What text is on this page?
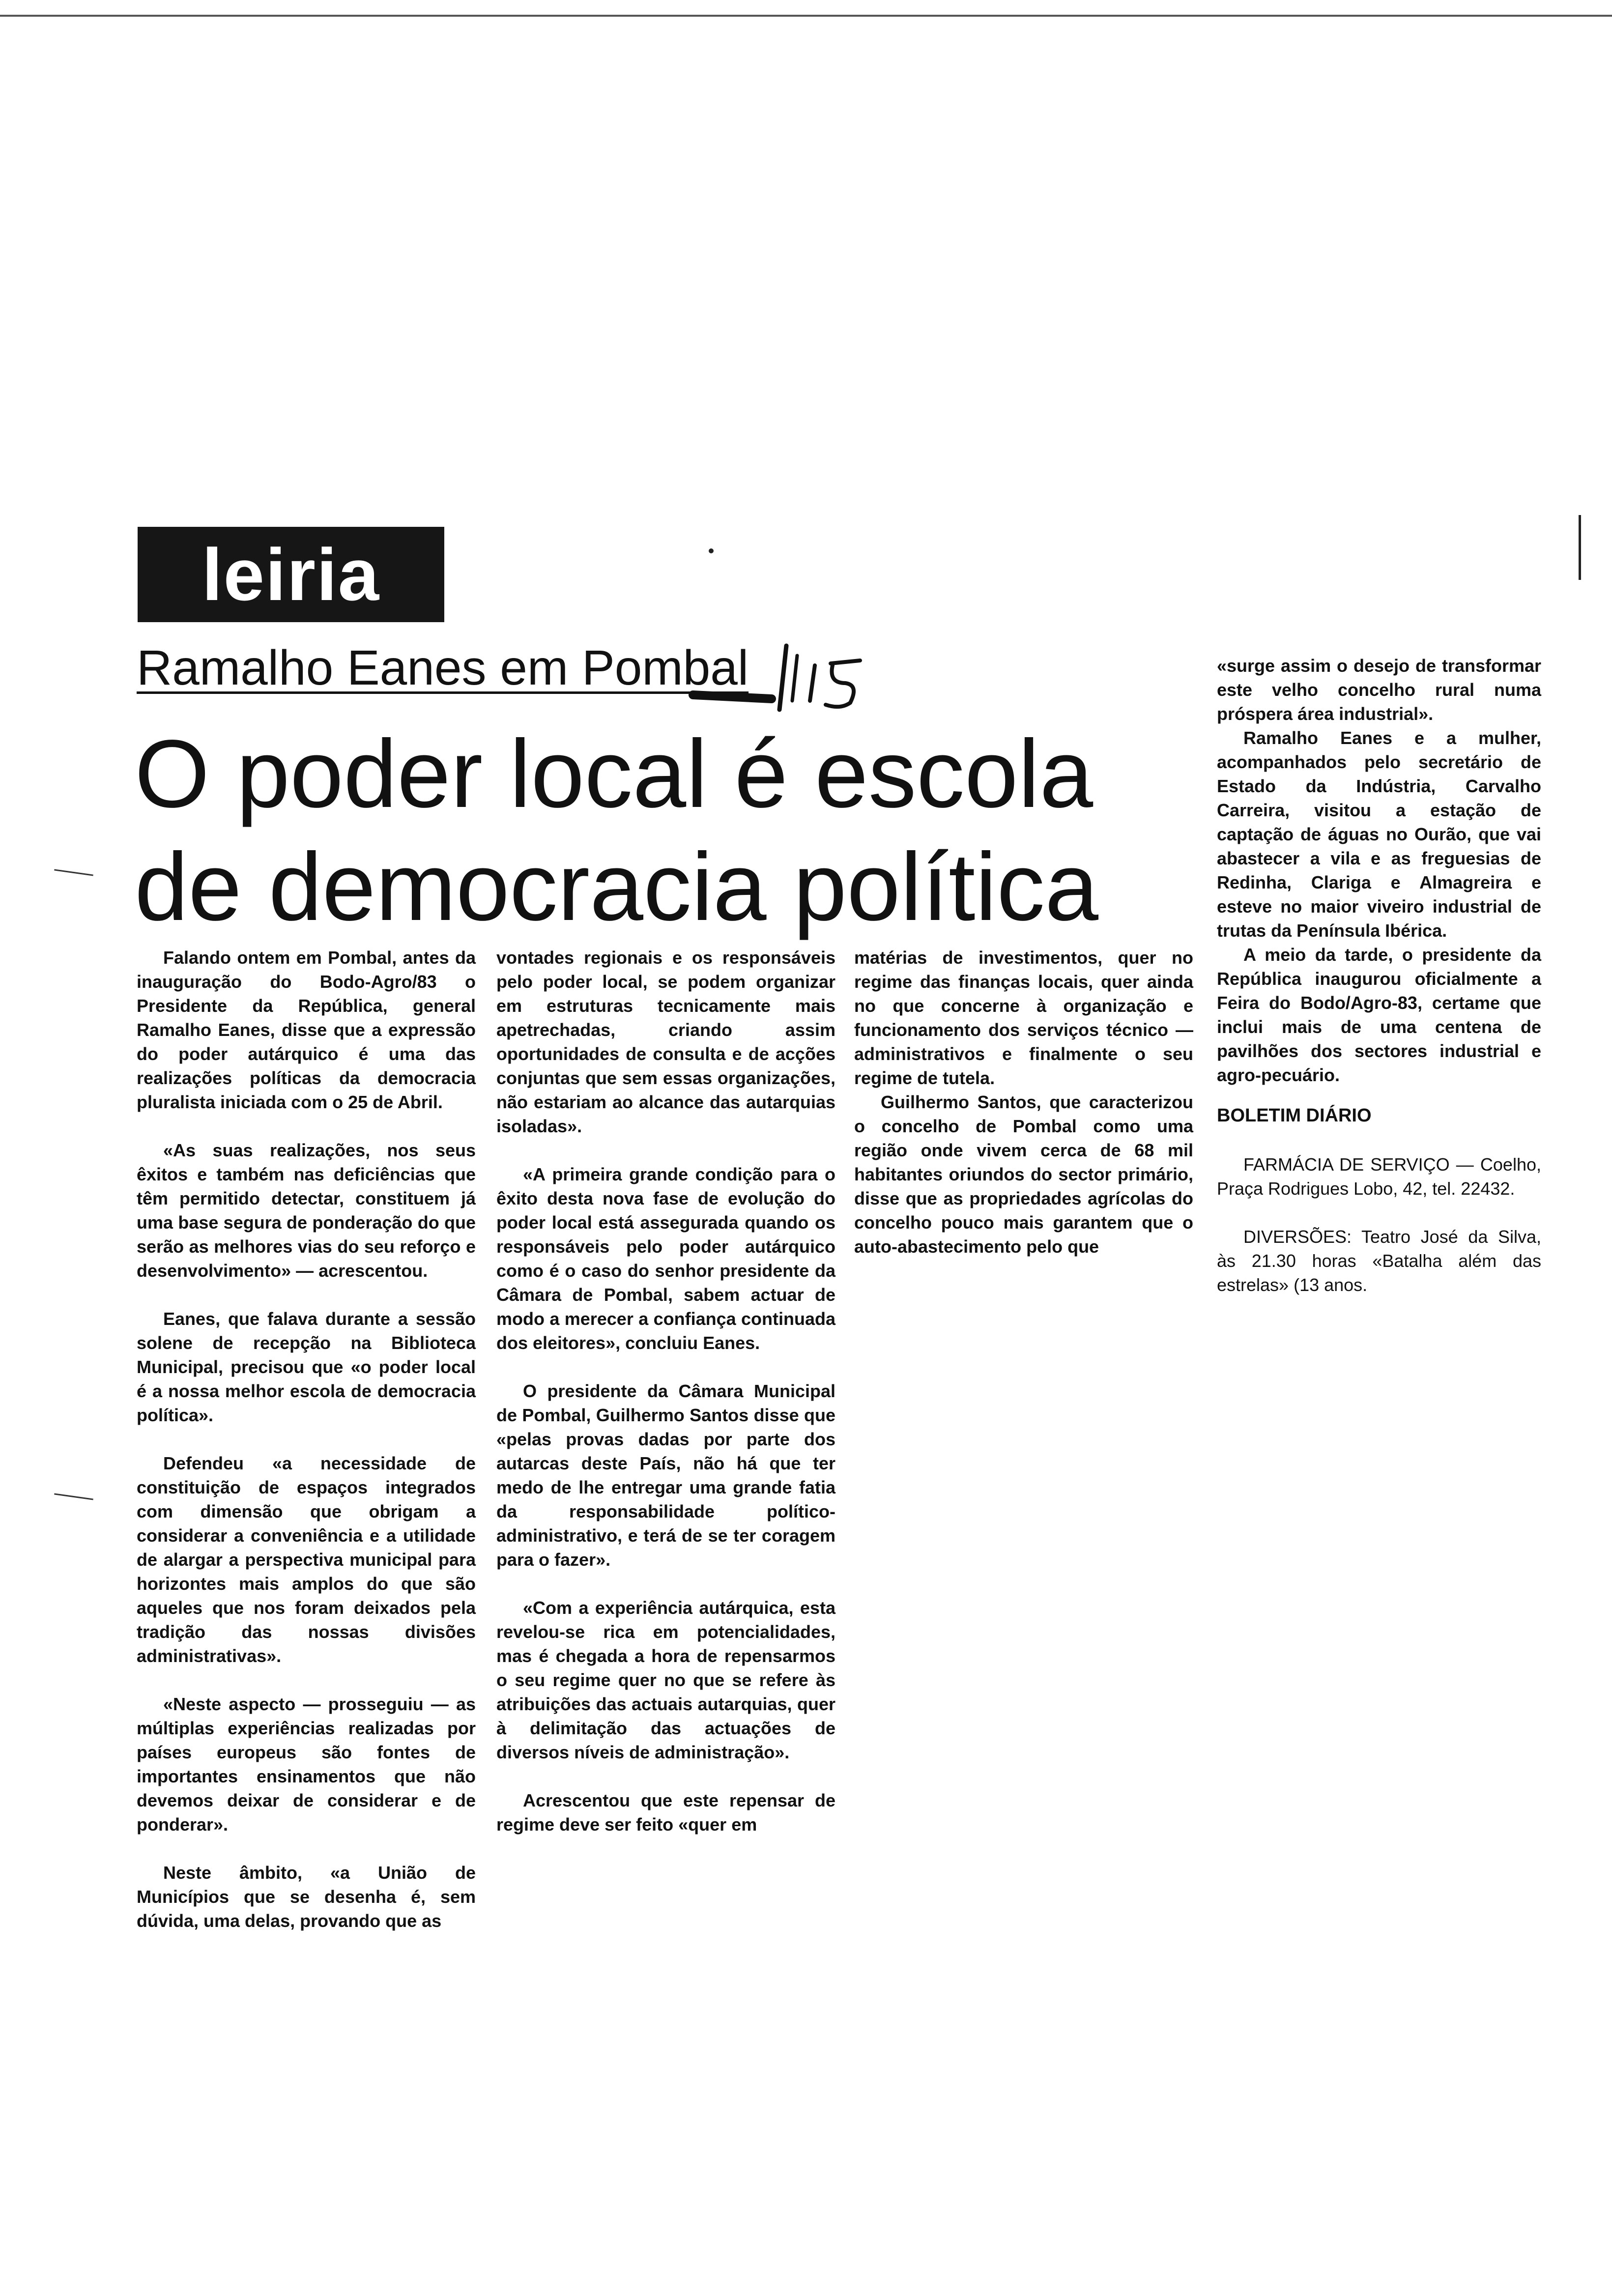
leiria
Ramalho Eanes em Pombal
O poder local é escola de democracia política

Falando ontem em Pombal, antes da inauguração do Bodo-Agro/83 o Presidente da República, general Ramalho Eanes, disse que a expressão do poder autárquico é uma das realizações políticas da democracia pluralista iniciada com o 25 de Abril.

«As suas realizações, nos seus êxitos e também nas deficiências que têm permitido detectar, constituem já uma base segura de ponderação do que serão as melhores vias do seu reforço e desenvolvimento» — acrescentou.

Eanes, que falava durante a sessão solene de recepção na Biblioteca Municipal, precisou que «o poder local é a nossa melhor escola de democracia política».

Defendeu «a necessidade de constituição de espaços integrados com dimensão que obrigam a considerar a conveniência e a utilidade de alargar a perspectiva municipal para horizontes mais amplos do que são aqueles que nos foram deixados pela tradição das nossas divisões administrativas».

«Neste aspecto — prosseguiu — as múltiplas experiências realizadas por países europeus são fontes de importantes ensinamentos que não devemos deixar de considerar e de ponderar».

Neste âmbito, «a União de Municípios que se desenha é, sem dúvida, uma delas, provando que as

vontades regionais e os responsáveis pelo poder local, se podem organizar em estruturas tecnicamente mais apetrechadas, criando assim oportunidades de consulta e de acções conjuntas que sem essas organizações, não estariam ao alcance das autarquias isoladas».

«A primeira grande condição para o êxito desta nova fase de evolução do poder local está assegurada quando os responsáveis pelo poder autárquico como é o caso do senhor presidente da Câmara de Pombal, sabem actuar de modo a merecer a confiança continuada dos eleitores», concluiu Eanes.

O presidente da Câmara Municipal de Pombal, Guilhermo Santos disse que «pelas provas dadas por parte dos autarcas deste País, não há que ter medo de lhe entregar uma grande fatia da responsabilidade político-administrativo, e terá de se ter coragem para o fazer».

«Com a experiência autárquica, esta revelou-se rica em potencialidades, mas é chegada a hora de repensarmos o seu regime quer no que se refere às atribuições das actuais autarquias, quer à delimitação das actuações de diversos níveis de administração».

Acrescentou que este repensar de regime deve ser feito «quer em

matérias de investimentos, quer no regime das finanças locais, quer ainda no que concerne à organização e funcionamento dos serviços técnico — administrativos e finalmente o seu regime de tutela.

Guilhermo Santos, que caracterizou o concelho de Pombal como uma região onde vivem cerca de 68 mil habitantes oriundos do sector primário, disse que as propriedades agrícolas do concelho pouco mais garantem que o auto-abastecimento pelo que

«surge assim o desejo de transformar este velho concelho rural numa próspera área industrial».

Ramalho Eanes e a mulher, acompanhados pelo secretário de Estado da Indústria, Carvalho Carreira, visitou a estação de captação de águas no Ourão, que vai abastecer a vila e as freguesias de Redinha, Clariga e Almagreira e esteve no maior viveiro industrial de trutas da Península Ibérica.

A meio da tarde, o presidente da República inaugurou oficialmente a Feira do Bodo/Agro-83, certame que inclui mais de uma centena de pavilhões dos sectores industrial e agro-pecuário.

BOLETIM DIÁRIO

FARMÁCIA DE SERVIÇO — Coelho, Praça Rodrigues Lobo, 42, tel. 22432.

DIVERSÕES: Teatro José da Silva, às 21.30 horas «Batalha além das estrelas» (13 anos.
